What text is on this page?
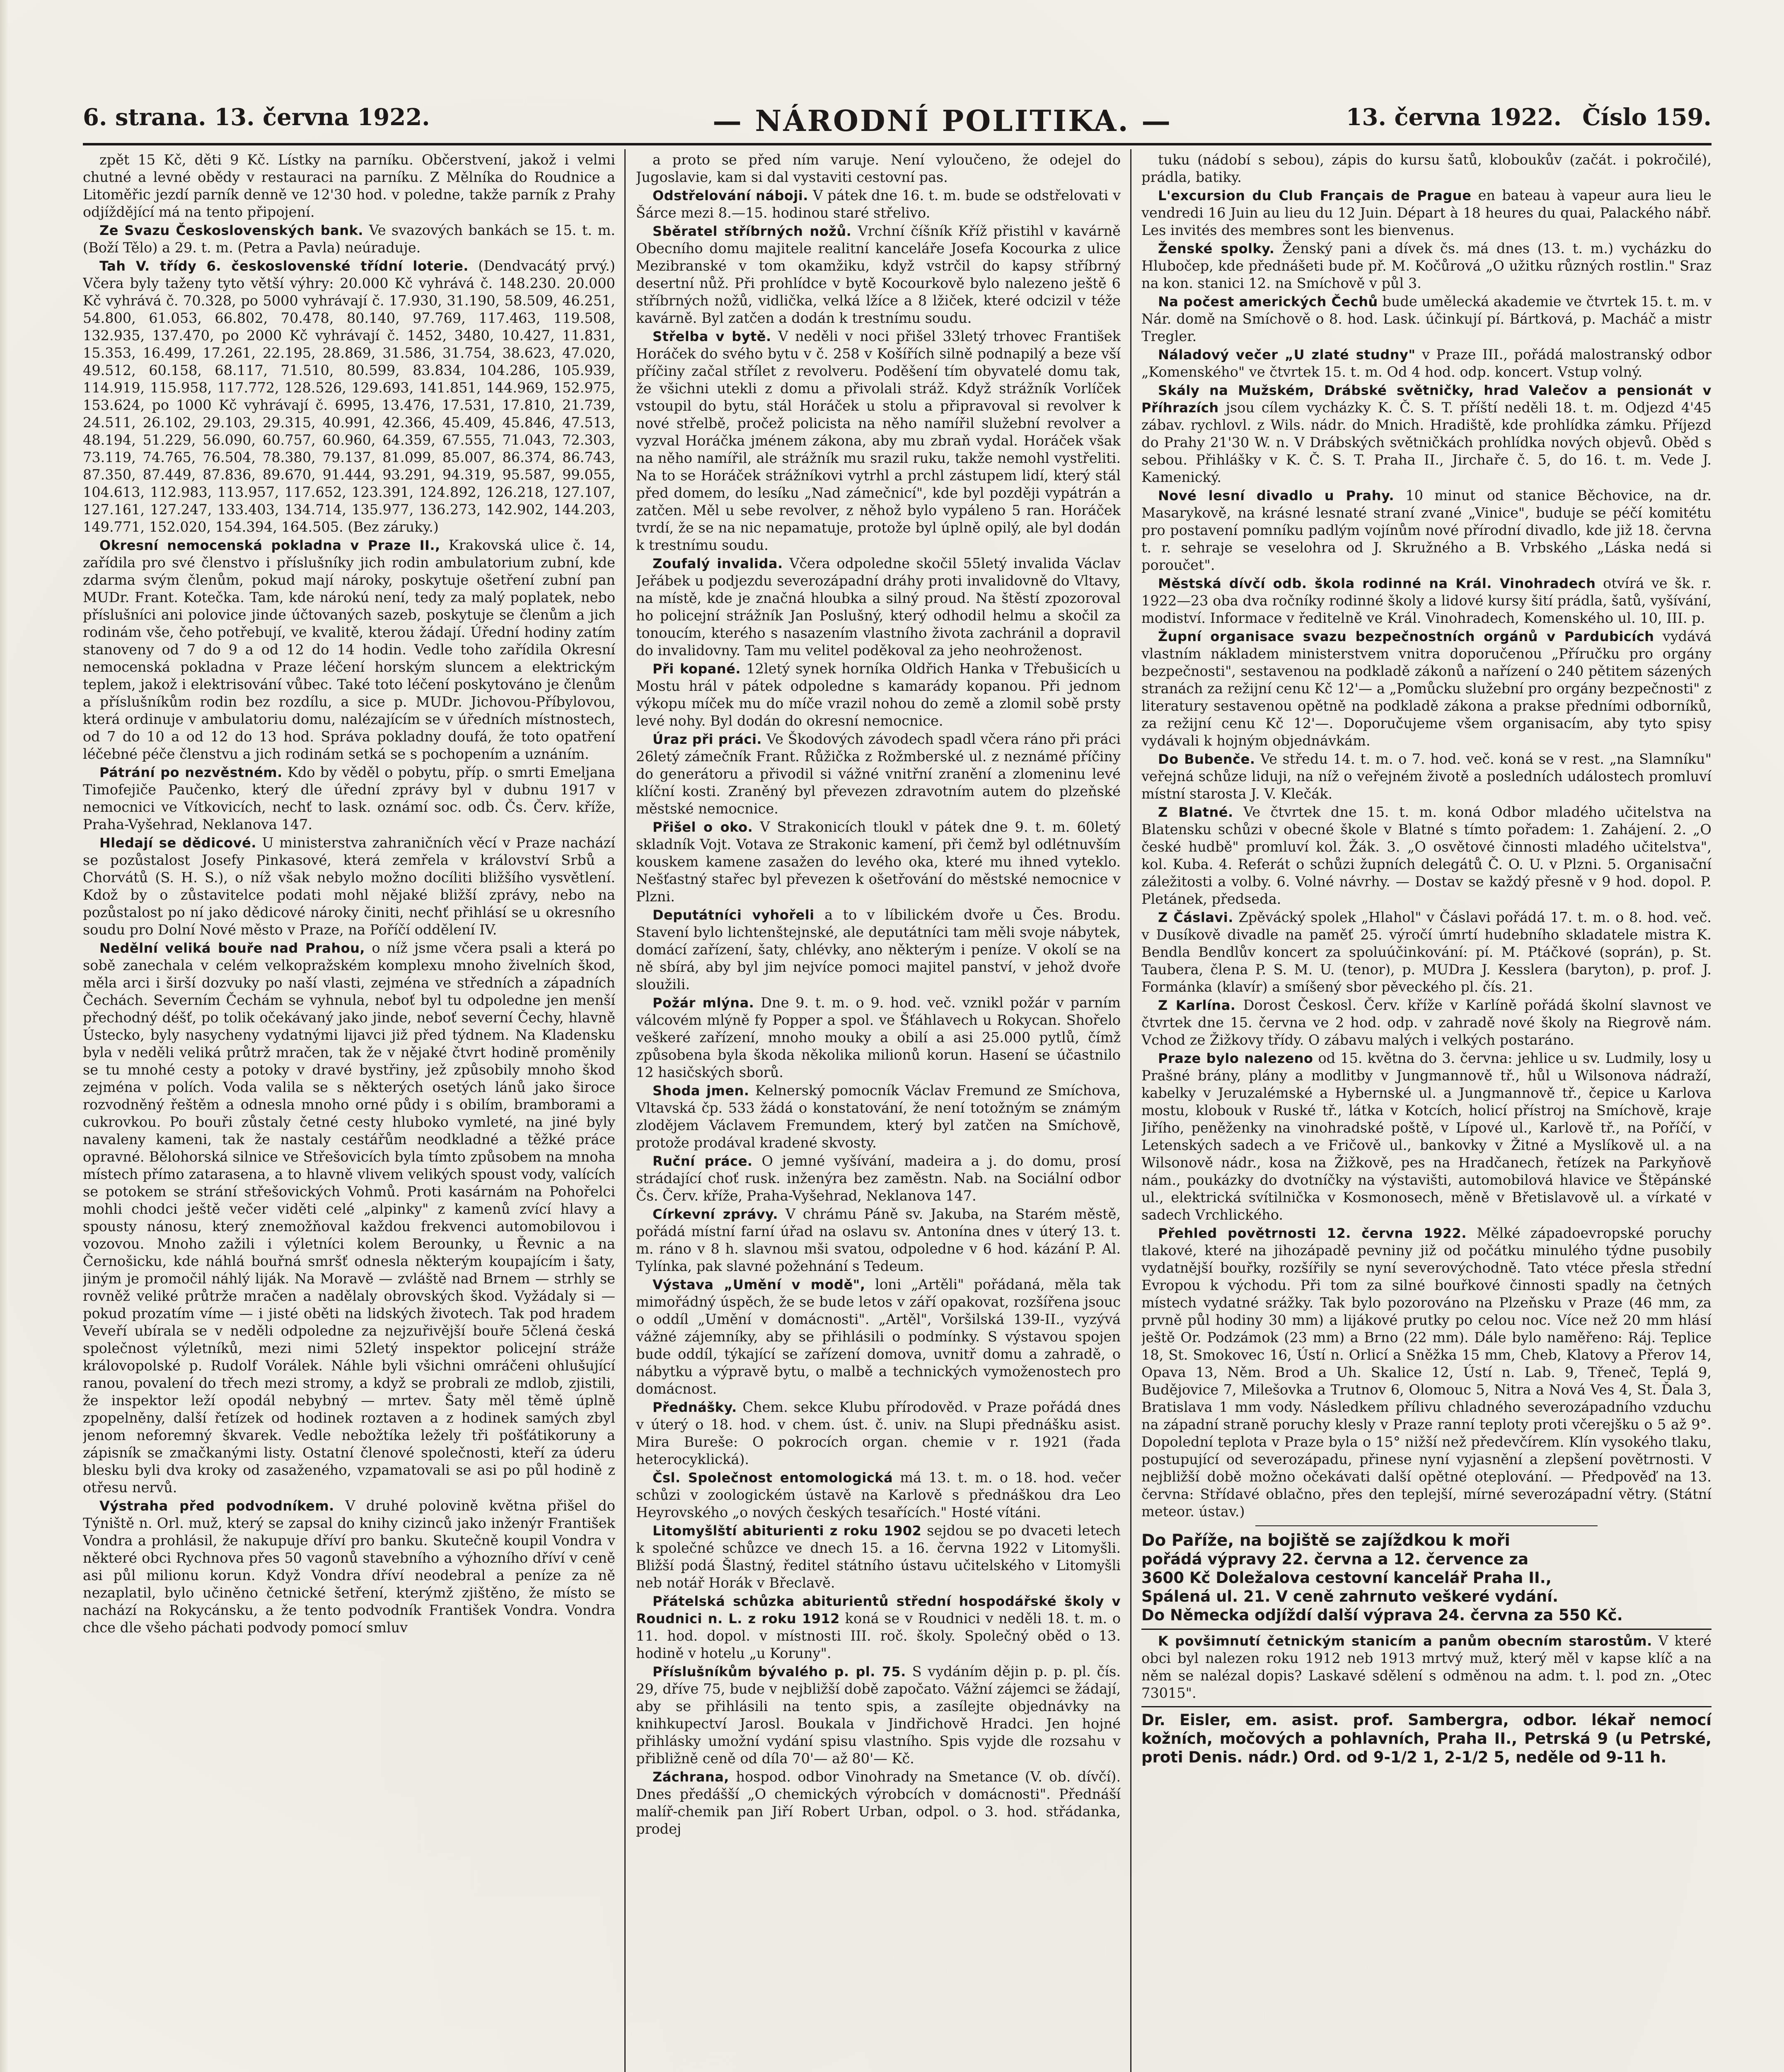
6. strana. 13. června 1922.	— NÁRODNÍ POLITIKA. —	13. června 1922. Číslo 159.

zpět 15 Kč, děti 9 Kč. Lístky na parníku. Občerstvení, jakož i velmi chutné a levné obědy v restauraci na parníku. Z Mělníka do Roudnice a Litoměřic jezdí parník denně ve 12'30 hod. v poledne, takže parník z Prahy odjíždějící má na tento připojení.

Ze Svazu Československých bank. Ve svazových bankách se 15. t. m. (Boží Tělo) a 29. t. m. (Petra a Pavla) neúraduje.

Tah V. třídy 6. československé třídní loterie. (Dendvacátý prvý.) Včera byly taženy tyto větší výhry: 20.000 Kč vyhrává č. 148.230. 20.000 Kč vyhrává č. 70.328, po 5000 vyhrávají č. 17.930, 31.190, 58.509, 46.251, 54.800, 61.053, 66.802, 70.478, 80.140, 97.769, 117.463, 119.508, 132.935, 137.470, po 2000 Kč vyhrávají č. 1452, 3480, 10.427, 11.831, 15.353, 16.499, 17.261, 22.195, 28.869, 31.586, 31.754, 38.623, 47.020, 49.512, 60.158, 68.117, 71.510, 80.599, 83.834, 104.286, 105.939, 114.919, 115.958, 117.772, 128.526, 129.693, 141.851, 144.969, 152.975, 153.624, po 1000 Kč vyhrávají č. 6995, 13.476, 17.531, 17.810, 21.739, 24.511, 26.102, 29.103, 29.315, 40.991, 42.366, 45.409, 45.846, 47.513, 48.194, 51.229, 56.090, 60.757, 60.960, 64.359, 67.555, 71.043, 72.303, 73.119, 74.765, 76.504, 78.380, 79.137, 81.099, 85.007, 86.374, 86.743, 87.350, 87.449, 87.836, 89.670, 91.444, 93.291, 94.319, 95.587, 99.055, 104.613, 112.983, 113.957, 117.652, 123.391, 124.892, 126.218, 127.107, 127.161, 127.247, 133.403, 134.714, 135.977, 136.273, 142.902, 144.203, 149.771, 152.020, 154.394, 164.505. (Bez záruky.)

Okresní nemocenská pokladna v Praze II., Krakovská ulice č. 14, zařídila pro své členstvo i příslušníky jich rodin ambulatorium zubní, kde zdarma svým členům, pokud mají nároky, poskytuje ošetření zubní pan MUDr. Frant. Kotečka. Tam, kde nárokú není, tedy za malý poplatek, nebo příslušníci ani polovice jinde účtovaných sazeb, poskytuje se členům a jich rodinám vše, čeho potřebují, ve kvalitě, kterou žádají. Úřední hodiny zatím stanoveny od 7 do 9 a od 12 do 14 hodin. Vedle toho zařídila Okresní nemocenská pokladna v Praze léčení horským sluncem a elektrickým teplem, jakož i elektrisování vůbec. Také toto léčení poskytováno je členům a příslušníkům rodin bez rozdílu, a sice p. MUDr. Jichovou-Příbylovou, která ordinuje v ambulatoriu domu, nalézajícím se v úředních místnostech, od 7 do 10 a od 12 do 13 hod. Správa pokladny doufá, že toto opatření léčebné péče členstvu a jich rodinám setká se s pochopením a uznáním.

Pátrání po nezvěstném. Kdo by věděl o pobytu, příp. o smrti Emeljana Timofejiče Paučenko, který dle úřední zprávy byl v dubnu 1917 v nemocnici ve Vítkovicích, nechť to lask. oznámí soc. odb. Čs. Červ. kříže, Praha-Vyšehrad, Neklanova 147.

Hledají se dědicové. U ministerstva zahraničních věcí v Praze nachází se pozůstalost Josefy Pinkasové, která zemřela v království Srbů a Chorvátů (S. H. S.), o níž však nebylo možno docíliti bližšího vysvětlení. Kdož by o zůstavitelce podati mohl nějaké bližší zprávy, nebo na pozůstalost po ní jako dědicové nároky činiti, nechť přihlásí se u okresního soudu pro Dolní Nové město v Praze, na Poříčí oddělení IV.

Nedělní veliká bouře nad Prahou, o níž jsme včera psali a která po sobě zanechala v celém velkopražském komplexu mnoho živelních škod, měla arci i širší dozvuky po naší vlasti, zejména ve středních a západních Čechách. Severním Čechám se vyhnula, neboť byl tu odpoledne jen menší přechodný déšť, po tolik očekávaný jako jinde, neboť severní Čechy, hlavně Ústecko, byly nasycheny vydatnými lijavci již před týdnem. Na Kladensku byla v neděli veliká průtrž mračen, tak že v nějaké čtvrt hodině proměnily se tu mnohé cesty a potoky v dravé bystřiny, jež způsobily mnoho škod zejména v polích. Voda valila se s některých osetých lánů jako široce rozvodněný řeštěm a odnesla mnoho orné půdy i s obilím, bramborami a cukrovkou. Po bouři zůstaly četné cesty hluboko vymleté, na jiné byly navaleny kameni, tak že nastaly cestářům neodkladné a těžké práce opravné. Bělohorská silnice ve Střešovicích byla tímto způsobem na mnoha místech přímo zatarasena, a to hlavně vlivem velikých spoust vody, valících se potokem se strání střešovických Vohmů. Proti kasárnám na Pohořelci mohli chodci ještě večer viděti celé „alpinky" z kamenů zvící hlavy a spousty nánosu, který znemožňoval každou frekvenci automobilovou i vozovou. Mnoho zažili i výletníci kolem Berounky, u Řevnic a na Černošicku, kde náhlá bouřná smršť odnesla některým koupajícím i šaty, jiným je promočil náhlý liják. Na Moravě — zvláště nad Brnem — strhly se rovněž veliké průtrže mračen a nadělaly obrovských škod. Vyžádaly si — pokud prozatím víme — i jisté oběti na lidských životech. Tak pod hradem Veveří ubírala se v neděli odpoledne za nejzuřivější bouře 5člená česká společnost výletníků, mezi nimi 52letý inspektor policejní stráže královopolské p. Rudolf Vorálek. Náhle byli všichni omráčeni ohlušující ranou, povalení do třech mezi stromy, a když se probrali ze mdlob, zjistili, že inspektor leží opodál nebybný — mrtev. Šaty měl těmě úplně zpopelněny, další řetízek od hodinek roztaven a z hodinek samých zbyl jenom neforemný škvarek. Vedle nebožtíka ležely tři pošťátikoruny a zápisník se zmačkanými listy. Ostatní členové společnosti, kteří za úderu blesku byli dva kroky od zasaženého, vzpamatovali se asi po půl hodině z otřesu nervů.

Výstraha před podvodníkem. V druhé polovině května přišel do Týniště n. Orl. muž, který se zapsal do knihy cizinců jako inženýr František Vondra a prohlásil, že nakupuje dříví pro banku. Skutečně koupil Vondra v některé obci Rychnova přes 50 vagonů stavebního a výhozního dříví v ceně asi půl milionu korun. Když Vondra dříví neodebral a peníze za ně nezaplatil, bylo učiněno četnické šetření, kterýmž zjištěno, že místo se nachází na Rokycánsku, a že tento podvodník František Vondra. Vondra chce dle všeho páchati podvody pomocí smluv

a proto se před ním varuje. Není vyloučeno, že odejel do Jugoslavie, kam si dal vystaviti cestovní pas.

Odstřelování náboji. V pátek dne 16. t. m. bude se odstřelovati v Šárce mezi 8.—15. hodinou staré střelivo.

Sběratel stříbrných nožů. Vrchní číšník Kříž přistihl v kavárně Obecního domu majitele realitní kanceláře Josefa Kocourka z ulice Mezibranské v tom okamžiku, když vstrčil do kapsy stříbrný desertní nůž. Při prohlídce v bytě Kocourkově bylo nalezeno ještě 6 stříbrných nožů, vidlička, velká lžíce a 8 lžiček, které odcizil v téže kavárně. Byl zatčen a dodán k trestnímu soudu.

Střelba v bytě. V neděli v noci přišel 33letý trhovec František Horáček do svého bytu v č. 258 v Košířích silně podnapilý a beze vší příčiny začal střílet z revolveru. Poděšení tím obyvatelé domu tak, že všichni utekli z domu a přivolali stráž. Když strážník Vorlíček vstoupil do bytu, stál Horáček u stolu a připravoval si revolver k nové střelbě, pročež policista na něho namířil služební revolver a vyzval Horáčka jménem zákona, aby mu zbraň vydal. Horáček však na něho namířil, ale strážník mu srazil ruku, takže nemohl vystřeliti. Na to se Horáček strážníkovi vytrhl a prchl zástupem lidí, který stál před domem, do lesíku „Nad zámečnicí", kde byl později vypátrán a zatčen. Měl u sebe revolver, z něhož bylo vypáleno 5 ran. Horáček tvrdí, že se na nic nepamatuje, protože byl úplně opilý, ale byl dodán k trestnímu soudu.

Zoufalý invalida. Včera odpoledne skočil 55letý invalida Václav Jeřábek u podjezdu severozápadní dráhy proti invalidovně do Vltavy, na místě, kde je značná hloubka a silný proud. Na štěstí zpozoroval ho policejní strážník Jan Poslušný, který odhodil helmu a skočil za tonoucím, kterého s nasazením vlastního života zachránil a dopravil do invalidovny. Tam mu velitel poděkoval za jeho neohroženost.

Při kopané. 12letý synek horníka Oldřich Hanka v Třebušicích u Mostu hrál v pátek odpoledne s kamarády kopanou. Při jednom výkopu míček mu do míče vrazil nohou do země a zlomil sobě prsty levé nohy. Byl dodán do okresní nemocnice.

Úraz při práci. Ve Škodových závodech spadl včera ráno při práci 26letý zámečník Frant. Růžička z Rožmberské ul. z neznámé příčiny do generátoru a přivodil si vážné vnitřní zranění a zlomeninu levé klíční kosti. Zraněný byl převezen zdravotním autem do plzeňské městské nemocnice.

Přišel o oko. V Strakonicích tloukl v pátek dne 9. t. m. 60letý skladník Vojt. Votava ze Strakonic kamení, při čemž byl odlétnuvším kouskem kamene zasažen do levého oka, které mu ihned vyteklo. Nešťastný stařec byl převezen k ošetřování do městské nemocnice v Plzni.

Deputátníci vyhořeli a to v líbilickém dvoře u Čes. Brodu. Stavení bylo lichtenštejnské, ale deputátníci tam měli svoje nábytek, domácí zařízení, šaty, chlévky, ano některým i peníze. V okolí se na ně sbírá, aby byl jim nejvíce pomoci majitel panství, v jehož dvoře sloužili.

Požár mlýna. Dne 9. t. m. o 9. hod. več. vznikl požár v parním válcovém mlýně fy Popper a spol. ve Šťáhlavech u Rokycan. Shořelo veškeré zařízení, mnoho mouky a obilí a asi 25.000 pytlů, čímž způsobena byla škoda několika milionů korun. Hasení se účastnilo 12 hasičských sborů.

Shoda jmen. Kelnerský pomocník Václav Fremund ze Smíchova, Vltavská čp. 533 žádá o konstatování, že není totožným se známým zlodějem Václavem Fremundem, který byl zatčen na Smíchově, protože prodával kradené skvosty.

Ruční práce. O jemné vyšívání, madeira a j. do domu, prosí strádající choť rusk. inženýra bez zaměstn. Nab. na Sociální odbor Čs. Červ. kříže, Praha-Vyšehrad, Neklanova 147.

Církevní zprávy. V chrámu Páně sv. Jakuba, na Starém městě, pořádá místní farní úřad na oslavu sv. Antonína dnes v úterý 13. t. m. ráno v 8 h. slavnou mši svatou, odpoledne v 6 hod. kázání P. Al. Tylínka, pak slavné požehnání s Tedeum.

Výstava „Umění v modě", loni „Artěli" pořádaná, měla tak mimořádný úspěch, že se bude letos v září opakovat, rozšířena jsouc o oddíl „Umění v domácnosti". „Artěl", Voršilská 139-II., vyzývá vážné zájemníky, aby se přihlásili o podmínky. S výstavou spojen bude oddíl, týkající se zařízení domova, uvnitř domu a zahradě, o nábytku a výpravě bytu, o malbě a technických vymoženostech pro domácnost.

Přednášky. Chem. sekce Klubu přírodověd. v Praze pořádá dnes v úterý o 18. hod. v chem. úst. č. univ. na Slupi přednášku asist. Mira Bureše: O pokrocích organ. chemie v r. 1921 (řada heterocyklická).

Čsl. Společnost entomologická má 13. t. m. o 18. hod. večer schůzi v zoologickém ústavě na Karlově s přednáškou dra Leo Heyrovského „o nových českých tesařících." Hosté vítáni.

Litomyšlští abiturienti z roku 1902 sejdou se po dvaceti letech k společné schůzce ve dnech 15. a 16. června 1922 v Litomyšli. Bližší podá Šlastný, ředitel státního ústavu učitelského v Litomyšli neb notář Horák v Břeclavě.

Přátelská schůzka abiturientů střední hospodářské školy v Roudnici n. L. z roku 1912 koná se v Roudnici v neděli 18. t. m. o 11. hod. dopol. v místnosti III. roč. školy. Společný oběd o 13. hodině v hotelu „u Koruny".

Příslušníkům bývalého p. pl. 75. S vydáním dějin p. p. pl. čís. 29, dříve 75, bude v nejbližší době započato. Vážní zájemci se žádají, aby se přihlásili na tento spis, a zasílejte objednávky na knihkupectví Jarosl. Boukala v Jindřichově Hradci. Jen hojné přihlásky umožní vydání spisu vlastního. Spis vyjde dle rozsahu v přibližně ceně od díla 70'— až 80'— Kč.

Záchrana, hospod. odbor Vinohrady na Smetance (V. ob. dívčí). Dnes předášší „O chemických výrobcích v domácnosti". Přednáší malíř-chemik pan Jiří Robert Urban, odpol. o 3. hod. střádanka, prodej

tuku (nádobí s sebou), zápis do kursu šatů, kloboukův (začát. i pokročilé), prádla, batiky.

L'excursion du Club Français de Prague en bateau à vapeur aura lieu le vendredi 16 Juin au lieu du 12 Juin. Départ à 18 heures du quai, Palackého nábř. Les invités des membres sont les bienvenus.

Ženské spolky. Ženský pani a dívek čs. má dnes (13. t. m.) vycházku do Hlubočep, kde přednášeti bude př. M. Kočůrová „O užitku různých rostlin." Sraz na kon. stanici 12. na Smíchově v půl 3.

Na počest amerických Čechů bude umělecká akademie ve čtvrtek 15. t. m. v Nár. domě na Smíchově o 8. hod. Lask. účinkují pí. Bártková, p. Macháč a mistr Tregler.

Náladový večer „U zlaté studny" v Praze III., pořádá malostranský odbor „Komenského" ve čtvrtek 15. t. m. Od 4 hod. odp. koncert. Vstup volný.

Skály na Mužském, Drábské světničky, hrad Valečov a pensionát v Příhrazích jsou cílem vycházky K. Č. S. T. příští neděli 18. t. m. Odjezd 4'45 zábav. rychlovl. z Wils. nádr. do Mnich. Hradiště, kde prohlídka zámku. Příjezd do Prahy 21'30 W. n. V Drábských světničkách prohlídka nových objevů. Oběd s sebou. Přihlášky v K. Č. S. T. Praha II., Jirchaře č. 5, do 16. t. m. Vede J. Kamenický.

Nové lesní divadlo u Prahy. 10 minut od stanice Běchovice, na dr. Masarykově, na krásné lesnaté straní zvané „Vinice", buduje se péčí komitétu pro postavení pomníku padlým vojínům nové přírodní divadlo, kde již 18. června t. r. sehraje se veselohra od J. Skružného a B. Vrbského „Láska nedá si poroučet".

Městská dívčí odb. škola rodinné na Král. Vinohradech otvírá ve šk. r. 1922—23 oba dva ročníky rodinné školy a lidové kursy šití prádla, šatů, vyšívání, modiství. Informace v ředitelně ve Král. Vinohradech, Komenského ul. 10, III. p.

Župní organisace svazu bezpečnostních orgánů v Pardubicích vydává vlastním nákladem ministerstvem vnitra doporučenou „Příručku pro orgány bezpečnosti", sestavenou na podkladě zákonů a nařízení o 240 pětitem sázených stranách za režijní cenu Kč 12'— a „Pomůcku služební pro orgány bezpečnosti" z literatury sestavenou opětně na podkladě zákona a prakse předními odborníků, za režijní cenu Kč 12'—. Doporučujeme všem organisacím, aby tyto spisy vydávali k hojným objednávkám.

Do Bubenče. Ve středu 14. t. m. o 7. hod. več. koná se v rest. „na Slamníku" veřejná schůze liduji, na níž o veřejném životě a posledních událostech promluví místní starosta J. V. Klečák.

Z Blatné. Ve čtvrtek dne 15. t. m. koná Odbor mladého učitelstva na Blatensku schůzi v obecné škole v Blatné s tímto pořadem: 1. Zahájení. 2. „O české hudbě" promluví kol. Žák. 3. „O osvětové činnosti mladého učitelstva", kol. Kuba. 4. Referát o schůzi župních delegátů Č. O. U. v Plzni. 5. Organisační záležitosti a volby. 6. Volné návrhy. — Dostav se každý přesně v 9 hod. dopol. P. Pletánek, předseda.

Z Čáslavi. Zpěvácký spolek „Hlahol" v Čáslavi pořádá 17. t. m. o 8. hod. več. v Dusíkově divadle na paměť 25. výročí úmrtí hudebního skladatele mistra K. Bendla Bendlův koncert za spoluúčinkování: pí. M. Ptáčkové (soprán), p. St. Taubera, člena P. S. M. U. (tenor), p. MUDra J. Kesslera (baryton), p. prof. J. Formánka (klavír) a smíšený sbor pěveckého pl. čís. 21.

Z Karlína. Dorost Českosl. Červ. kříže v Karlíně pořádá školní slavnost ve čtvrtek dne 15. června ve 2 hod. odp. v zahradě nové školy na Riegrově nám. Vchod ze Žižkovy třídy. O zábavu malých i velkých postaráno.

Praze bylo nalezeno od 15. května do 3. června: jehlice u sv. Ludmily, losy u Prašné brány, plány a modlitby v Jungmannově tř., hůl u Wilsonova nádraží, kabelky v Jeruzalémské a Hybernské ul. a Jungmannově tř., čepice u Karlova mostu, klobouk v Ruské tř., látka v Kotcích, holicí přístroj na Smíchově, kraje Jiřího, peněženky na vinohradské poště, v Lípové ul., Karlově tř., na Poříčí, v Letenských sadech a ve Fričově ul., bankovky v Žitné a Myslíkově ul. a na Wilsonově nádr., kosa na Žižkově, pes na Hradčanech, řetízek na Parkyňově nám., poukázky do dvotníčky na výstavišti, automobilová hlavice ve Štěpánské ul., elektrická svítilnička v Kosmonosech, měně v Břetislavově ul. a vírkaté v sadech Vrchlického.

Přehled povětrnosti 12. června 1922. Mělké západoevropské poruchy tlakové, které na jihozápadě pevniny již od počátku minulého týdne pusobily vydatnější bouřky, rozšířily se nyní severovýchodně. Tato vtéce přesla střední Evropou k východu. Při tom za silné bouřkové činnosti spadly na četných místech vydatné srážky. Tak bylo pozorováno na Plzeňsku v Praze (46 mm, za prvně půl hodiny 30 mm) a lijákové prutky po celou noc. Více než 20 mm hlásí ještě Or. Podzámok (23 mm) a Brno (22 mm). Dále bylo naměřeno: Ráj. Teplice 18, St. Smokovec 16, Ústí n. Orlicí a Sněžka 15 mm, Cheb, Klatovy a Přerov 14, Opava 13, Něm. Brod a Uh. Skalice 12, Ústí n. Lab. 9, Třeneč, Teplá 9, Budějovice 7, Milešovka a Trutnov 6, Olomouc 5, Nitra a Nová Ves 4, St. Ďala 3, Bratislava 1 mm vody. Následkem přílivu chladného severozápadního vzduchu na západní straně poruchy klesly v Praze ranní teploty proti včerejšku o 5 až 9°. Dopolední teplota v Praze byla o 15° nižší než předevčírem. Klín vysokého tlaku, postupující od severozápadu, přinese nyní vyjasnění a zlepšení povětrnosti. V nejbližší době možno očekávati další opětné oteplování. — Předpověď na 13. června: Střídavé oblačno, přes den teplejší, mírné severozápadní větry. (Státní meteor. ústav.)

Do Paříže, na bojiště se zajíždkou k moři
pořádá výpravy 22. června a 12. července za
3600 Kč Doležalova cestovní kancelář Praha II.,
Spálená ul. 21. V ceně zahrnuto veškeré vydání.
Do Německa odjíždí další výprava 24. června za 550 Kč.

K povšimnutí četnickým stanicím a panům obecním starostům. V které obci byl nalezen roku 1912 neb 1913 mrtvý muž, který měl v kapse klíč a na něm se nalézal dopis? Laskavé sdělení s odměnou na adm. t. l. pod zn. „Otec 73015".

Dr. Eisler, em. asist. prof. Sambergra, odbor. lékař nemocí kožních, močových a pohlavních, Praha II., Petrská 9 (u Petrské, proti Denis. nádr.) Ord. od 9-1/2 1, 2-1/2 5, neděle od 9-11 h.
